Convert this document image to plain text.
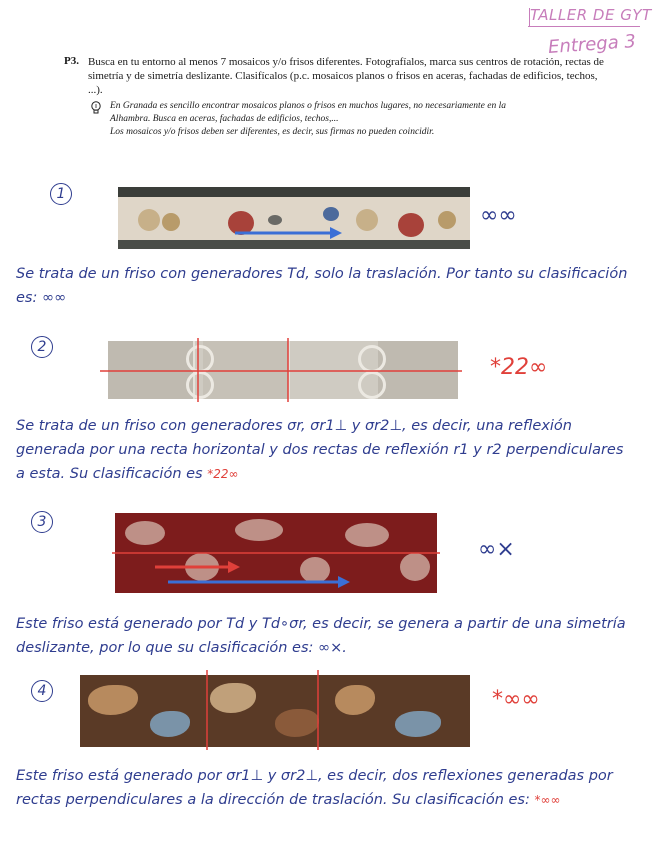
TALLER DE GYT
Entrega 3
P3. Busca en tu entorno al menos 7 mosaicos y/o frisos diferentes. Fotografíalos, marca sus centros de rotación, rectas de simetría y de simetría deslizante. Clasifícalos (p.c. mosaicos planos o frisos en aceras, fachadas de edificios, techos, ...).
En Granada es sencillo encontrar mosaicos planos o frisos en muchos lugares, no necesariamente en la Alhambra. Busca en aceras, fachadas de edificios, techos,...
Los mosaicos y/o frisos deben ser diferentes, es decir, sus firmas no pueden coincidir.
1
∞∞
Se trata de un friso con generadores Td, solo la traslación. Por tanto su clasificación es: ∞∞
2
*22∞
Se trata de un friso con generadores σr, σr1⊥ y σr2⊥, es decir, una reflexión generada por una recta horizontal y dos rectas de reflexión r1 y r2 perpendiculares a esta. Su clasificación es *22∞
3
∞×
Este friso está generado por Td y Td∘σr, es decir, se genera a partir de una simetría deslizante, por lo que su clasificación es: ∞×.
4	*∞∞
Este friso está generado por σr1⊥ y σr2⊥, es decir, dos reflexiones generadas por rectas perpendiculares a la dirección de traslación. Su clasificación es: *∞∞
